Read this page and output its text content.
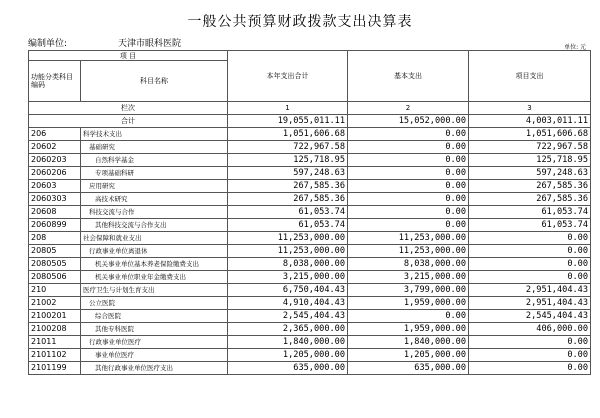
一般公共预算财政拨款支出决算表
编制单位:	天津市眼科医院	单位: 元
项 目		本年支出合计	基本支出	项目支出
功能分类科目编码	科目名称			

栏次		1	2	3
合计		19,055,011.11	15,052,000.00	4,003,011.11
206	科学技术支出	1,051,606.68	0.00	1,051,606.68
20602	基础研究	722,967.58	0.00	722,967.58
2060203	自然科学基金	125,718.95	0.00	125,718.95
2060206	专项基础科研	597,248.63	0.00	597,248.63
20603	应用研究	267,585.36	0.00	267,585.36
2060303	高技术研究	267,585.36	0.00	267,585.36
20608	科技交流与合作	61,053.74	0.00	61,053.74
2060899	其他科技交流与合作支出	61,053.74	0.00	61,053.74
208	社会保障和就业支出	11,253,000.00	11,253,000.00	0.00
20805	行政事业单位离退休	11,253,000.00	11,253,000.00	0.00
2080505	机关事业单位基本养老保险缴费支出	8,038,000.00	8,038,000.00	0.00
2080506	机关事业单位职业年金缴费支出	3,215,000.00	3,215,000.00	0.00
210	医疗卫生与计划生育支出	6,750,404.43	3,799,000.00	2,951,404.43
21002	公立医院	4,910,404.43	1,959,000.00	2,951,404.43
2100201	综合医院	2,545,404.43	0.00	2,545,404.43
2100208	其他专科医院	2,365,000.00	1,959,000.00	406,000.00
21011	行政事业单位医疗	1,840,000.00	1,840,000.00	0.00
2101102	事业单位医疗	1,205,000.00	1,205,000.00	0.00
2101199	其他行政事业单位医疗支出	635,000.00	635,000.00	0.00
